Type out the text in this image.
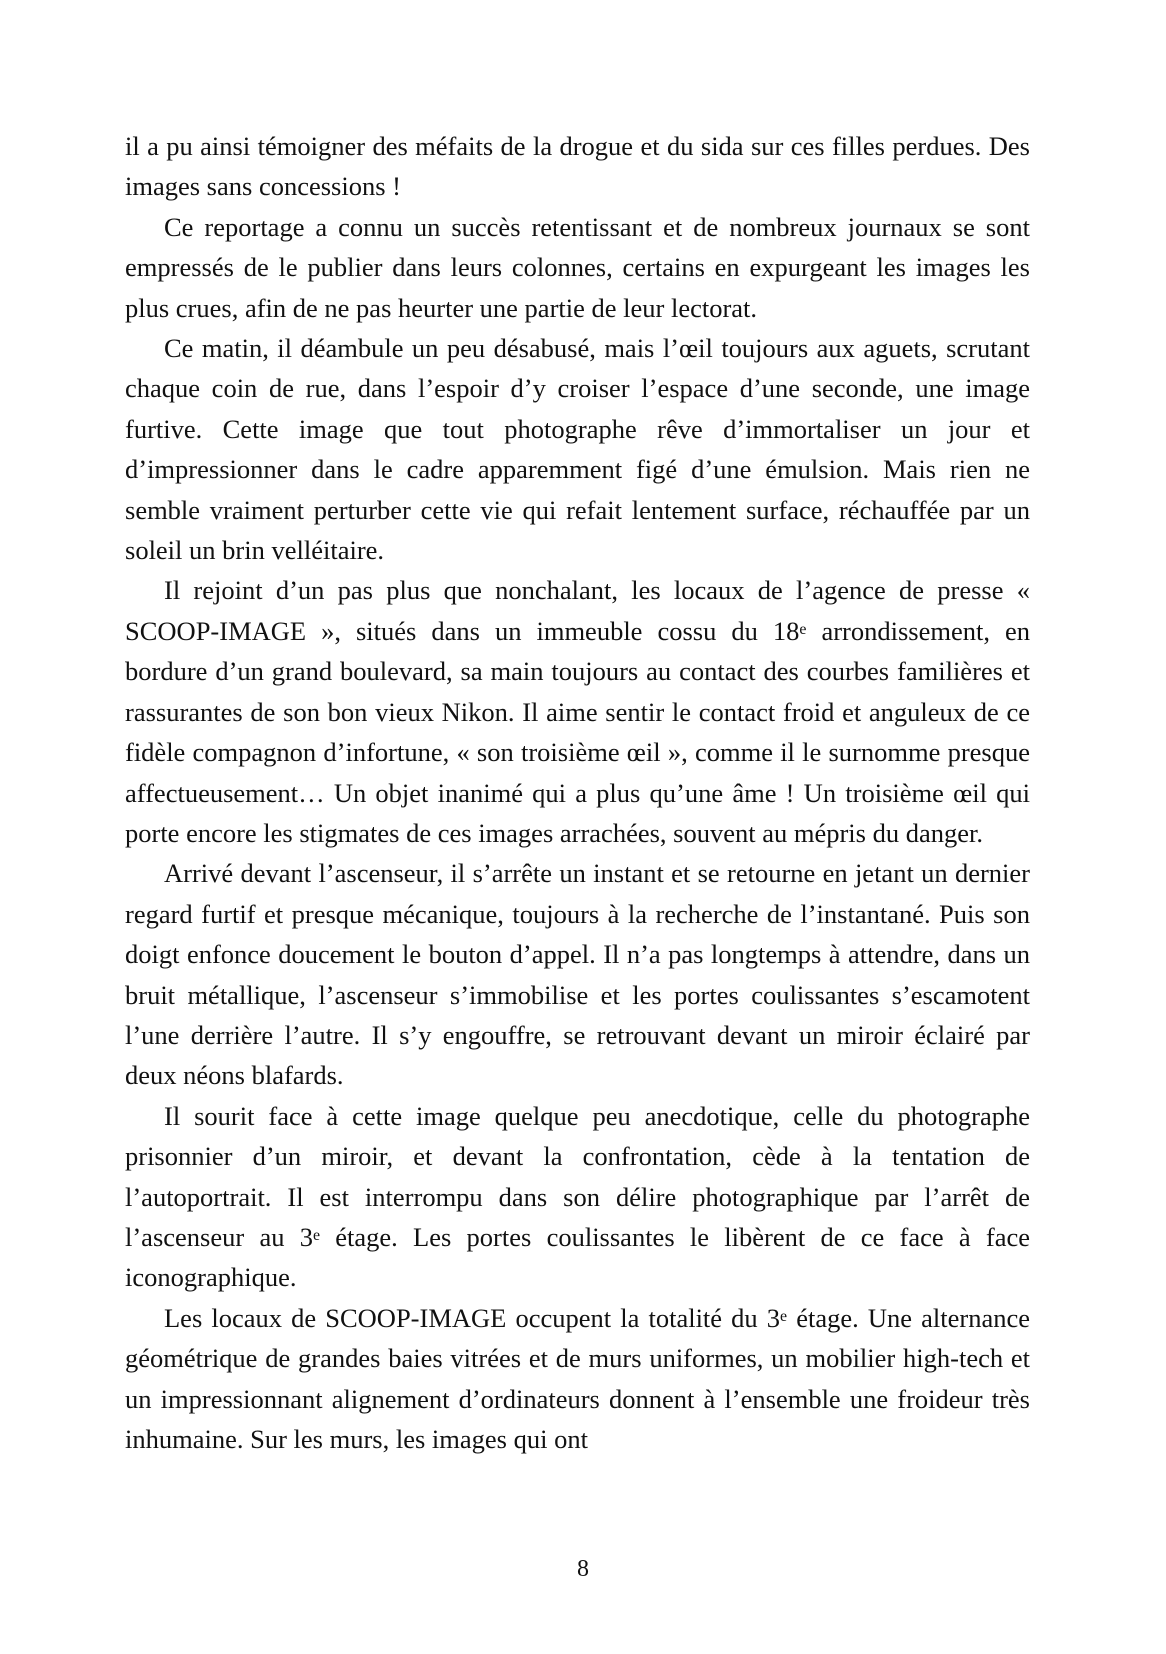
il a pu ainsi témoigner des méfaits de la drogue et du sida sur ces filles perdues. Des images sans concessions !

Ce reportage a connu un succès retentissant et de nombreux journaux se sont empressés de le publier dans leurs colonnes, certains en expurgeant les images les plus crues, afin de ne pas heurter une partie de leur lectorat.

Ce matin, il déambule un peu désabusé, mais l’œil toujours aux aguets, scrutant chaque coin de rue, dans l’espoir d’y croiser l’espace d’une seconde, une image furtive. Cette image que tout photographe rêve d’immortaliser un jour et d’impressionner dans le cadre apparemment figé d’une émulsion. Mais rien ne semble vraiment perturber cette vie qui refait lentement surface, réchauffée par un soleil un brin velléitaire.

Il rejoint d’un pas plus que nonchalant, les locaux de l’agence de presse « SCOOP-IMAGE », situés dans un immeuble cossu du 18e arrondissement, en bordure d’un grand boulevard, sa main toujours au contact des courbes familières et rassurantes de son bon vieux Nikon. Il aime sentir le contact froid et anguleux de ce fidèle compagnon d’infortune, « son troisième œil », comme il le surnomme presque affectueusement… Un objet inanimé qui a plus qu’une âme ! Un troisième œil qui porte encore les stigmates de ces images arrachées, souvent au mépris du danger.

Arrivé devant l’ascenseur, il s’arrête un instant et se retourne en jetant un dernier regard furtif et presque mécanique, toujours à la recherche de l’instantané. Puis son doigt enfonce doucement le bouton d’appel. Il n’a pas longtemps à attendre, dans un bruit métallique, l’ascenseur s’immobilise et les portes coulissantes s’escamotent l’une derrière l’autre. Il s’y engouffre, se retrouvant devant un miroir éclairé par deux néons blafards.

Il sourit face à cette image quelque peu anecdotique, celle du photographe prisonnier d’un miroir, et devant la confrontation, cède à la tentation de l’autoportrait. Il est interrompu dans son délire photographique par l’arrêt de l’ascenseur au 3e étage. Les portes coulissantes le libèrent de ce face à face iconographique.

Les locaux de SCOOP-IMAGE occupent la totalité du 3e étage. Une alternance géométrique de grandes baies vitrées et de murs uniformes, un mobilier high-tech et un impressionnant alignement d’ordinateurs donnent à l’ensemble une froideur très inhumaine. Sur les murs, les images qui ont

8
